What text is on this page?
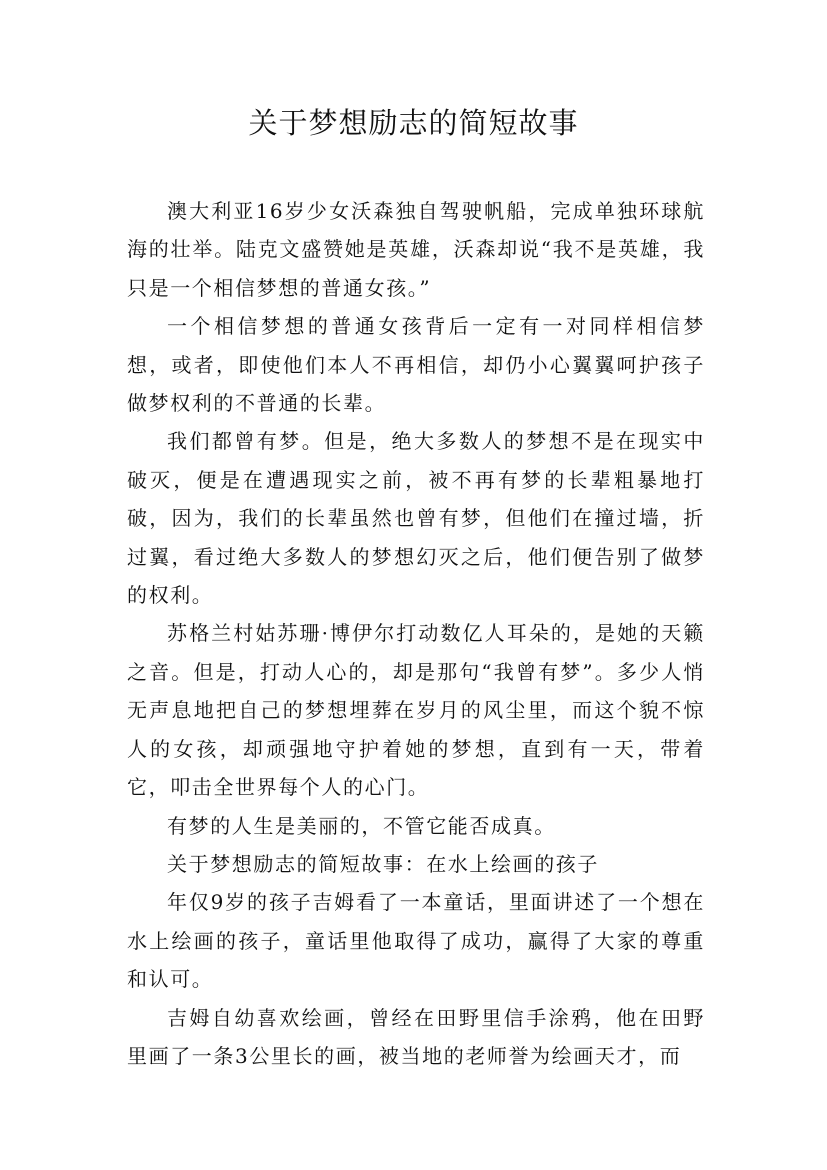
关于梦想励志的简短故事

澳大利亚16岁少女沃森独自驾驶帆船，完成单独环球航海的壮举。陆克文盛赞她是英雄，沃森却说“我不是英雄，我只是一个相信梦想的普通女孩。”

一个相信梦想的普通女孩背后一定有一对同样相信梦想，或者，即使他们本人不再相信，却仍小心翼翼呵护孩子做梦权利的不普通的长辈。

我们都曾有梦。但是，绝大多数人的梦想不是在现实中破灭，便是在遭遇现实之前，被不再有梦的长辈粗暴地打破，因为，我们的长辈虽然也曾有梦，但他们在撞过墙，折过翼，看过绝大多数人的梦想幻灭之后，他们便告别了做梦的权利。

苏格兰村姑苏珊·博伊尔打动数亿人耳朵的，是她的天籁之音。但是，打动人心的，却是那句“我曾有梦”。多少人悄无声息地把自己的梦想埋葬在岁月的风尘里，而这个貌不惊人的女孩，却顽强地守护着她的梦想，直到有一天，带着它，叩击全世界每个人的心门。

有梦的人生是美丽的，不管它能否成真。

关于梦想励志的简短故事：在水上绘画的孩子

年仅9岁的孩子吉姆看了一本童话，里面讲述了一个想在水上绘画的孩子，童话里他取得了成功，赢得了大家的尊重和认可。

吉姆自幼喜欢绘画，曾经在田野里信手涂鸦，他在田野里画了一条3公里长的画，被当地的老师誉为绘画天才，而
